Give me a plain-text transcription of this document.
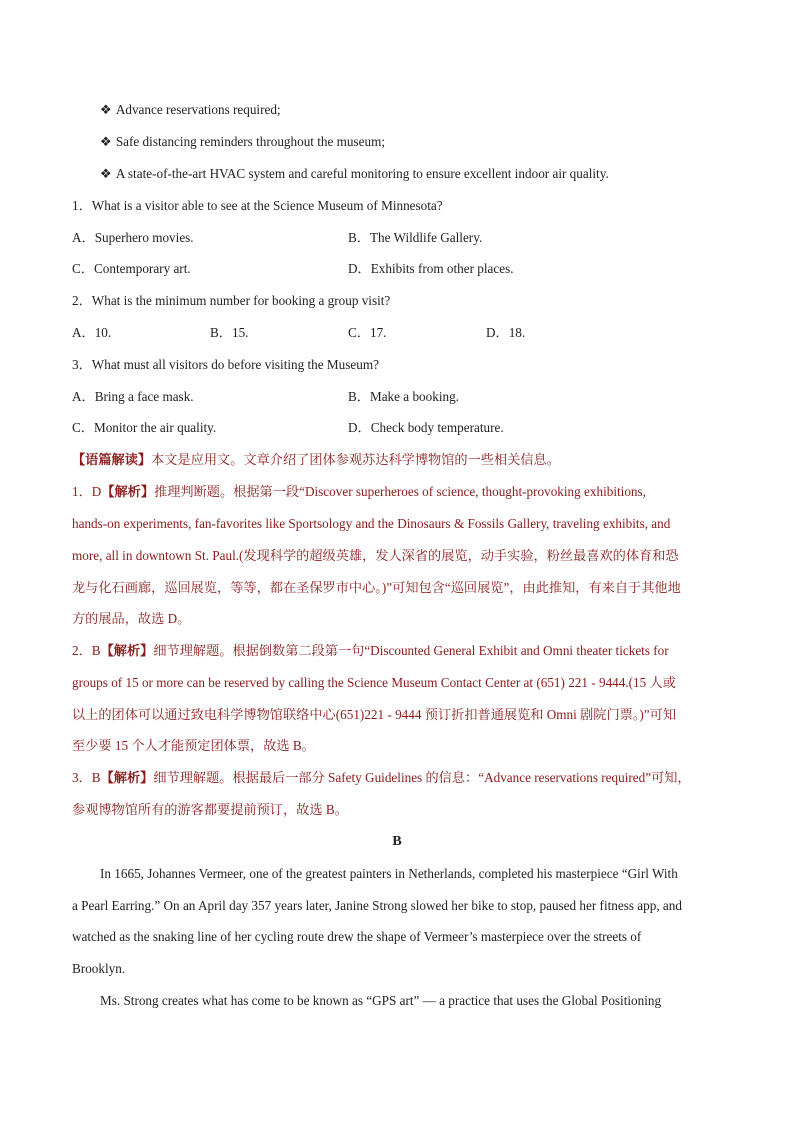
❖ Advance reservations required;
❖ Safe distancing reminders throughout the museum;
❖ A state-of-the-art HVAC system and careful monitoring to ensure excellent indoor air quality.
1．What is a visitor able to see at the Science Museum of Minnesota?
A．Superhero movies.	B．The Wildlife Gallery.
C．Contemporary art.	D．Exhibits from other places.
2．What is the minimum number for booking a group visit?
A．10.	B．15.	C．17.	D．18.
3．What must all visitors do before visiting the Museum?
A．Bring a face mask.	B．Make a booking.
C．Monitor the air quality.	D．Check body temperature.
【语篇解读】本文是应用文。文章介绍了团体参观苏达科学博物馆的一些相关信息。
1．D【解析】推理判断题。根据第一段“Discover superheroes of science, thought-provoking exhibitions,
hands-on experiments, fan-favorites like Sportsology and the Dinosaurs & Fossils Gallery, traveling exhibits, and
more, all in downtown St. Paul.(发现科学的超级英雄，发人深省的展览，动手实验，粉丝最喜欢的体育和恐
龙与化石画廊，巡回展览，等等，都在圣保罗市中心。)”可知包含“巡回展览”，由此推知，有来自于其他地
方的展品，故选 D。
2．B【解析】细节理解题。根据倒数第二段第一句“Discounted General Exhibit and Omni theater tickets for
groups of 15 or more can be reserved by calling the Science Museum Contact Center at (651) 221 - 9444.(15 人或
以上的团体可以通过致电科学博物馆联络中心(651)221 - 9444 预订折扣普通展览和 Omni 剧院门票。)”可知
至少要 15 个人才能预定团体票，故选 B。
3．B【解析】细节理解题。根据最后一部分 Safety Guidelines 的信息：“Advance reservations required”可知，
参观博物馆所有的游客都要提前预订，故选 B。
B
In 1665, Johannes Vermeer, one of the greatest painters in Netherlands, completed his masterpiece “Girl With
a Pearl Earring.” On an April day 357 years later, Janine Strong slowed her bike to stop, paused her fitness app, and
watched as the snaking line of her cycling route drew the shape of Vermeer’s masterpiece over the streets of
Brooklyn.
Ms. Strong creates what has come to be known as “GPS art” — a practice that uses the Global Positioning
